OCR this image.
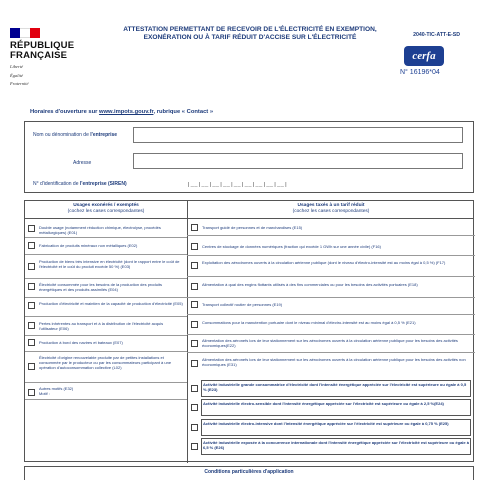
RÉPUBLIQUE
FRANÇAISE
Liberté
Égalité
Fraternité
ATTESTATION PERMETTANT DE RECEVOIR DE L'ÉLECTRICITÉ EN EXEMPTION,
EXONÉRATION OU À TARIF RÉDUIT D'ACCISE SUR L'ÉLECTRICITÉ	2040-TIC-ATT-E-SD
cerfa
N° 16196*04
Horaires d'ouverture sur www.impots.gouv.fr, rubrique « Contact »
Nom ou dénomination de l'entreprise
Adresse
N° d'identification de l'entreprise (SIREN)	|__|__|__|__|__|__|__|__|__|
Usages exonérés / exemptés
(cochez les cases correspondantes)
Usages taxés à un tarif réduit
(cochez les cases correspondantes)
Double usage (notamment réduction chimique, électrolyse, procédés métallurgiques) (E01)
Fabrication de produits minéraux non métalliques (E02)
Production de biens très intensive en électricité (dont le rapport entre le coût de l'électricité et le coût du produit excède 50 %) (E03)
Électricité consommée pour les besoins de la production des produits énergétiques et des produits assimilés (E04)
Production d'électricité et maintien de la capacité de production d'électricité (E05)
Pertes inhérentes au transport et à la distribution de l'électricité acquis l'utilisateur (E06)
Production à bord des navires et bateaux (E07)
Électricité d'origine renouvelable produite par de petites installations et consommée par le producteur ou par les consommateurs participant à une opération d'autoconsommation collective (L02)
Autres motifs (E32)
Motif :
Transport guidé de personnes et de marchandises (E15)
Centres de stockage de données numériques (fraction qui excède 1 GWh sur une année civile) (F16)
Exploitation des aérodromes ouverts à la circulation aérienne publique (dont le niveau d'électro-intensité est au moins égal à 0,5 %) (F17)
Alimentation à quai des engins flottants utilisés à des fins commerciales ou pour les besoins des activités portuaires (E18)
Transport collectif routier de personnes (E19)
Consommations pour la manutention portuaire dont le niveau minimal d'électro-intensité est au moins égal à 0,5 % (E21)
Alimentation des aéronefs lors de leur stationnement sur les aérodromes ouverts à la circulation aérienne publique pour les besoins des activités économiques(E22)
Alimentation des aéronefs lors de leur stationnement sur les aérodromes ouverts à la circulation aérienne publique pour les besoins des activités non économiques (E31)
Activité industrielle grande consommatrice d'électricité dont l'intensité énergétique appréciée sur l'électricité est supérieure ou égale à 0,5 % (E23)
Activité industrielle électro-sensible dont l'intensité énergétique appréciée sur l'électricité est supérieure ou égale à 2,5 %(E24)
Activité industrielle électro-intensive dont l'intensité énergétique appréciée sur l'électricité est supérieure ou égale à 0,75 % (E25)
Activité industrielle exposée à la concurrence internationale dont l'intensité énergétique appréciée sur l'électricité est supérieure ou égale à 6,5 % (E26)
Conditions particulières d'application
